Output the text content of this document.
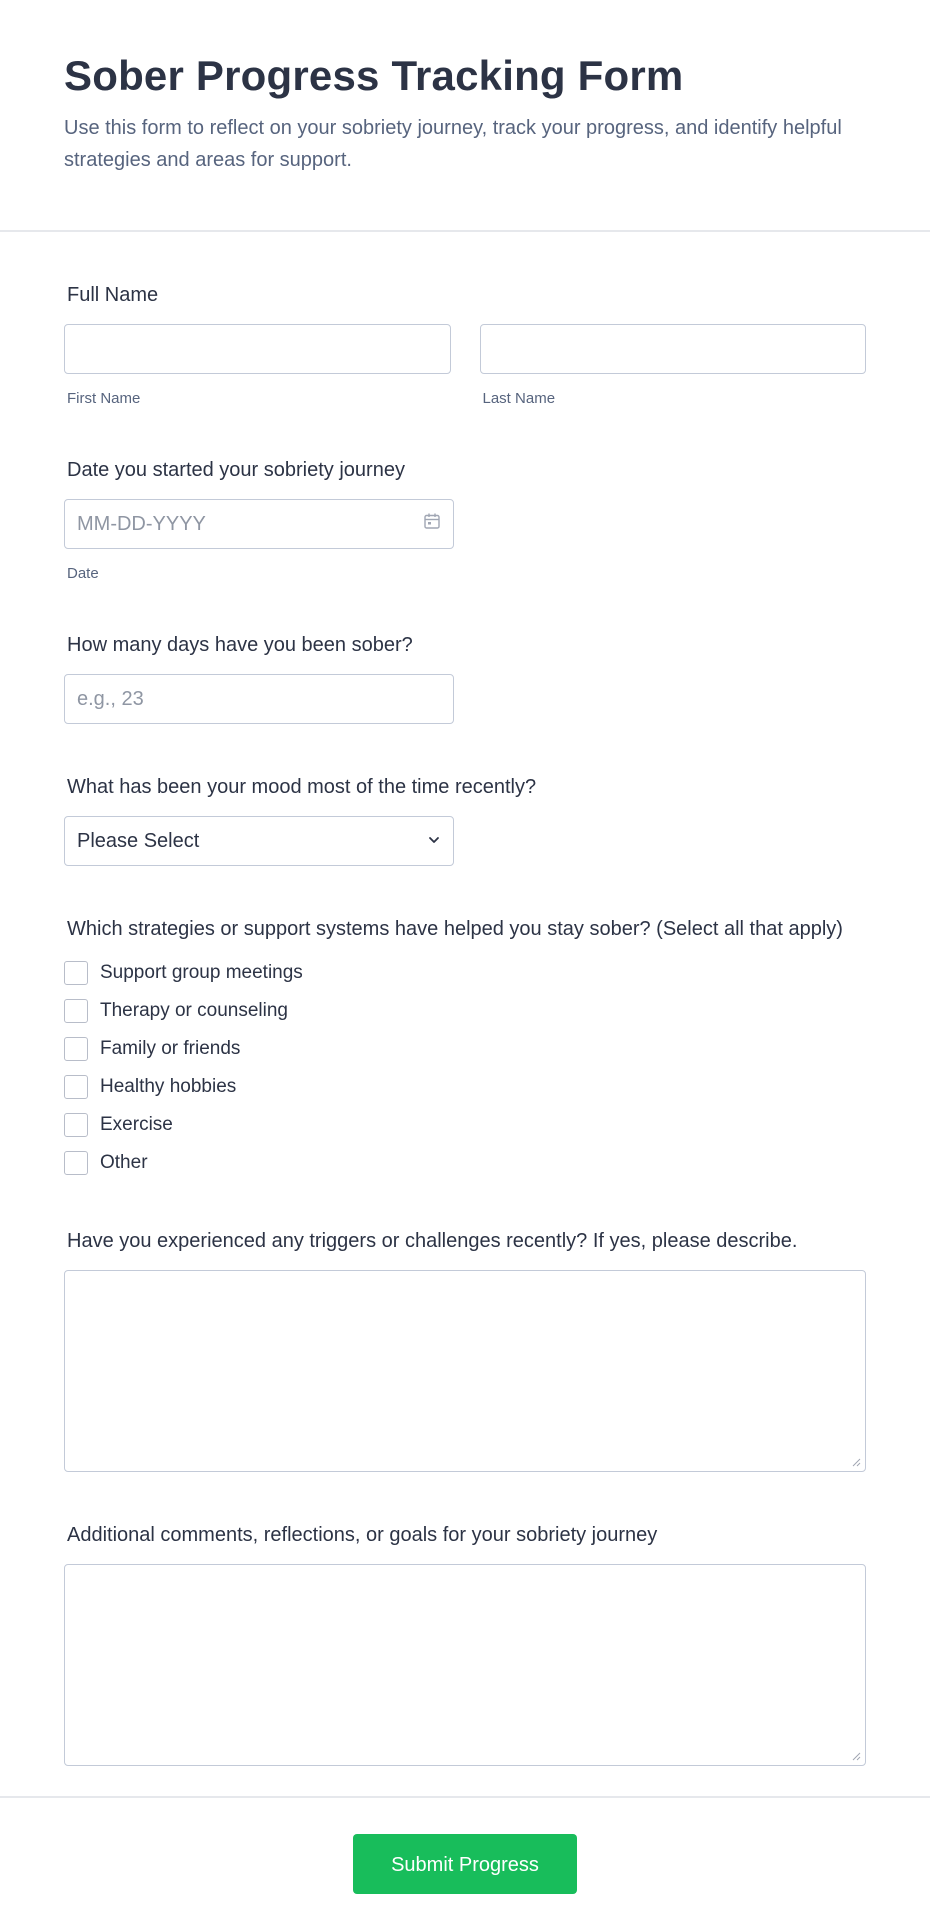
Sober Progress Tracking Form

Use this form to reflect on your sobriety journey, track your progress, and identify helpful strategies and areas for support.

Full Name
First Name	Last Name
Date you started your sobriety journey
MM-DD-YYYY
Date
How many days have you been sober?
e.g., 23
What has been your mood most of the time recently?
Please Select
Which strategies or support systems have helped you stay sober? (Select all that apply)
Support group meetings
Therapy or counseling
Family or friends
Healthy hobbies
Exercise
Other
Have you experienced any triggers or challenges recently? If yes, please describe.
Additional comments, reflections, or goals for your sobriety journey
Submit Progress
